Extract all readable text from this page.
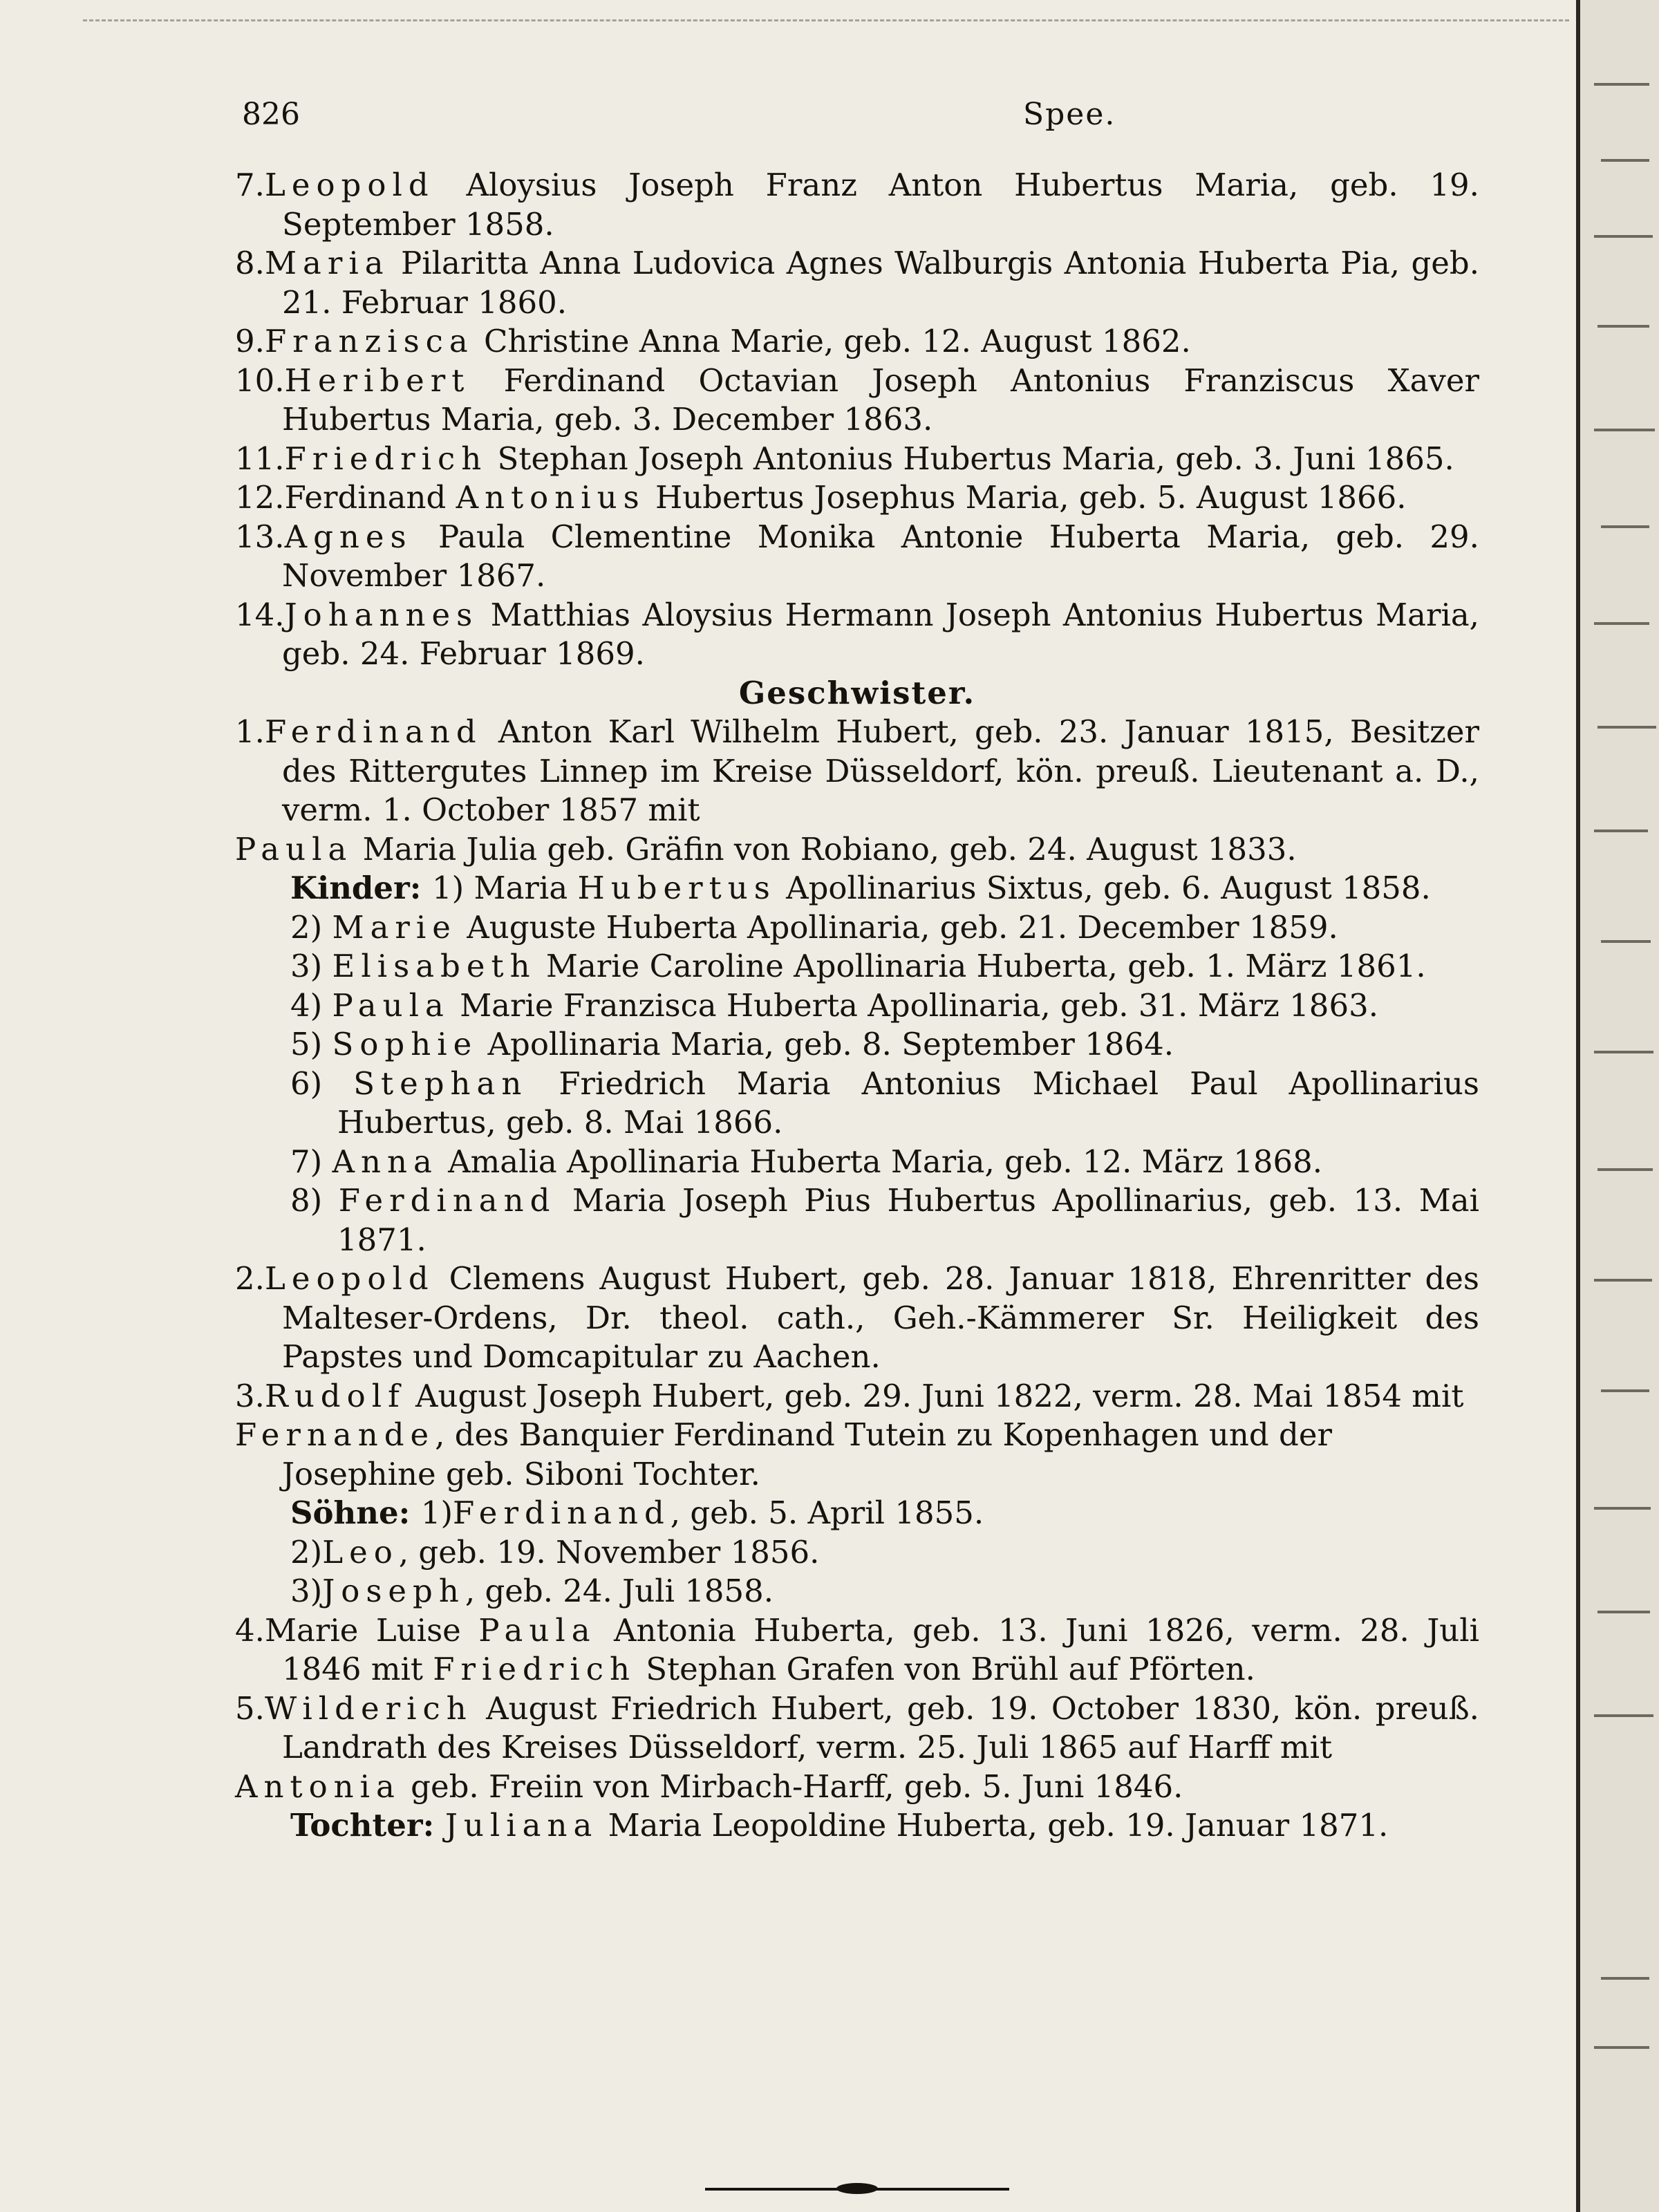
826	Spee.
7.Leopold Aloysius Joseph Franz Anton Hubertus Maria, geb. 19. September 1858.
8.Maria Pilaritta Anna Ludovica Agnes Walburgis Antonia Huberta Pia, geb. 21. Februar 1860.
9.Franzisca Christine Anna Marie, geb. 12. August 1862.
10.Heribert Ferdinand Octavian Joseph Antonius Franziscus Xaver Hubertus Maria, geb. 3. December 1863.
11.Friedrich Stephan Joseph Antonius Hubertus Maria, geb. 3. Juni 1865.
12.Ferdinand Antonius Hubertus Josephus Maria, geb. 5. August 1866.
13.Agnes Paula Clementine Monika Antonie Huberta Maria, geb. 29. November 1867.
14.Johannes Matthias Aloysius Hermann Joseph Antonius Hubertus Maria, geb. 24. Februar 1869.
Geschwister.
1.Ferdinand Anton Karl Wilhelm Hubert, geb. 23. Januar 1815, Besitzer des Rittergutes Linnep im Kreise Düsseldorf, kön. preuß. Lieutenant a. D., verm. 1. October 1857 mit
Paula Maria Julia geb. Gräfin von Robiano, geb. 24. August 1833.
Kinder: 1) Maria Hubertus Apollinarius Sixtus, geb. 6. August 1858.
2) Marie Auguste Huberta Apollinaria, geb. 21. December 1859.
3) Elisabeth Marie Caroline Apollinaria Huberta, geb. 1. März 1861.
4) Paula Marie Franzisca Huberta Apollinaria, geb. 31. März 1863.
5) Sophie Apollinaria Maria, geb. 8. September 1864.
6) Stephan Friedrich Maria Antonius Michael Paul Apollinarius Hubertus, geb. 8. Mai 1866.
7) Anna Amalia Apollinaria Huberta Maria, geb. 12. März 1868.
8) Ferdinand Maria Joseph Pius Hubertus Apollinarius, geb. 13. Mai 1871.
2.Leopold Clemens August Hubert, geb. 28. Januar 1818, Ehrenritter des Malteser-Ordens, Dr. theol. cath., Geh.-Kämmerer Sr. Heiligkeit des Papstes und Domcapitular zu Aachen.
3.Rudolf August Joseph Hubert, geb. 29. Juni 1822, verm. 28. Mai 1854 mit
Fernande, des Banquier Ferdinand Tutein zu Kopenhagen und der Josephine geb. Siboni Tochter.
Söhne: 1)Ferdinand, geb. 5. April 1855.
2)Leo, geb. 19. November 1856.
3)Joseph, geb. 24. Juli 1858.
4.Marie Luise Paula Antonia Huberta, geb. 13. Juni 1826, verm. 28. Juli 1846 mit Friedrich Stephan Grafen von Brühl auf Pförten.
5.Wilderich August Friedrich Hubert, geb. 19. October 1830, kön. preuß. Landrath des Kreises Düsseldorf, verm. 25. Juli 1865 auf Harff mit
Antonia geb. Freiin von Mirbach-Harff, geb. 5. Juni 1846.
Tochter: Juliana Maria Leopoldine Huberta, geb. 19. Januar 1871.
